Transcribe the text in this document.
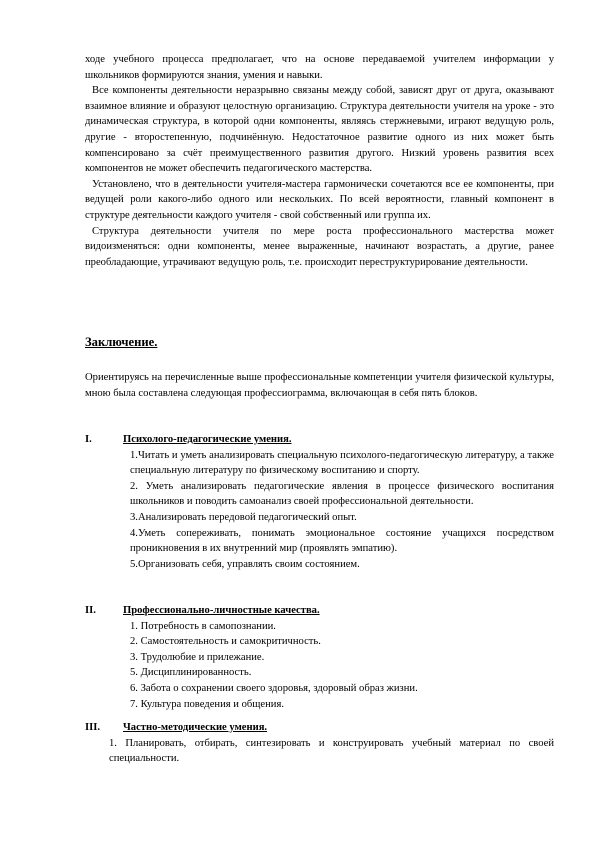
ходе учебного процесса предполагает, что на основе передаваемой учителем информации у школьников формируются знания, умения и навыки.

Все компоненты деятельности неразрывно связаны между собой, зависят друг от друга, оказывают взаимное влияние и образуют целостную организацию. Структура деятельности учителя на уроке - это динамическая структура, в которой одни компоненты, являясь стержневыми, играют ведущую роль, другие - второстепенную, подчинённую. Недостаточное развитие одного из них может быть компенсировано за счёт преимущественного развития другого. Низкий уровень развития всех компонентов не может обеспечить педагогического мастерства.

Установлено, что в деятельности учителя-мастера гармонически сочетаются все ее компоненты, при ведущей роли какого-либо одного или нескольких. По всей вероятности, главный компонент в структуре деятельности каждого учителя - свой собственный или группа их.

Структура деятельности учителя по мере роста профессионального мастерства может видоизменяться: одни компоненты, менее выраженные, начинают возрастать, а другие, ранее преобладающие, утрачивают ведущую роль, т.е. происходит переструктурирование деятельности.

Заключение.

Ориентируясь на перечисленные выше профессиональные компетенции учителя физической культуры, мною была составлена следующая профессиограмма, включающая в себя пять блоков.

I.	Психолого-педагогические умения.

1.Читать и уметь анализировать специальную психолого-педагогическую литературу, а также специальную литературу по физическому воспитанию и спорту.

2. Уметь анализировать педагогические явления в процессе физического воспитания школьников и поводить самоанализ своей профессиональной деятельности.

3.Анализировать передовой педагогический опыт.

4.Уметь сопереживать, понимать эмоциональное состояние учащихся посредством проникновения в их внутренний мир (проявлять эмпатию).

5.Организовать себя, управлять своим состоянием.

II.	Профессионально-личностные качества.

1. Потребность в самопознании.

2. Самостоятельность и самокритичность.

3. Трудолюбие и прилежание.

5. Дисциплинированность.

6. Забота о сохранении своего здоровья, здоровый образ жизни.

7. Культура поведения и общения.

III.	Частно-методические умения.

1. Планировать, отбирать, синтезировать и конструировать учебный материал по своей специальности.
